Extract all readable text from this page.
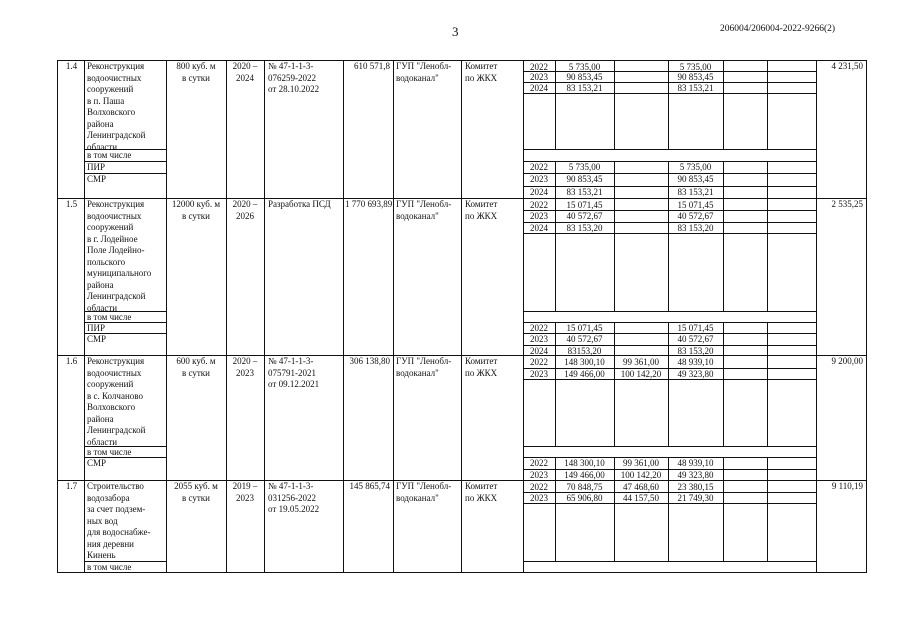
3	206004/206004-2022-9266(2)
1.4	Реконструкция
водоочистных
сооружений
в п. Паша
Волховского
района
Ленинградской
области
800 куб. м
в сутки
2020 –
2024
№ 47-1-1-3-
076259-2022
от 28.10.2022
610 571,8 ГУП "Ленобл-
водоканал"
Комитет
по ЖКХ
4 231,50
2022	5 735,00	5 735,00
2023	90 853,45	90 853,45
2024	83 153,21	83 153,21
в том числе
ПИР	2022	5 735,00	5 735,00
СМР	2023	90 853,45	90 853,45
2024	83 153,21	83 153,21
1.5	Реконструкция
водоочистных
сооружений
в г. Лодейное
Поле Лодейно-
польского
муниципального
района
Ленинградской
области
12000 куб. м
в сутки
2020 –
2026
Разработка ПСД 1 770 693,89 ГУП "Ленобл-
водоканал"
Комитет
по ЖКХ
2 535,25
2022	15 071,45	15 071,45
2023	40 572,67	40 572,67
2024	83 153,20	83 153,20
в том числе
ПИР	2022	15 071,45	15 071,45
2023	40 572,67	40 572,67
СМР
2024	83153,20	83 153,20
1.6	Реконструкция
водоочистных
сооружений
в с. Колчаново
Волховского
района
Ленинградской
области
600 куб. м
в сутки
2020 –
2023
№ 47-1-1-3-
075791-2021
от 09.12.2021
306 138,80 ГУП "Ленобл-
водоканал"
Комитет
по ЖКХ
9 200,00
2022	148 300,10	99 361,00	48 939,10
2023	149 466,00	100 142,20	49 323,80
в том числе
СМР	2022	148 300,10	99 361,00	48 939,10
2023	149 466,00	100 142,20	49 323,80
1.7	Строительство
водозабора
за счет подзем-
ных вод
для водоснабже-
ния деревни
Кинень
2055 куб. м
в сутки
2019 –
2023
№ 47-1-1-3-
031256-2022
от 19.05.2022
145 865,74 ГУП "Ленобл-
водоканал"
Комитет
по ЖКХ
9 110,19
2022	70 848,75	47 468,60	23 380,15
2023	65 906,80	44 157,50	21 749,30
в том числе
